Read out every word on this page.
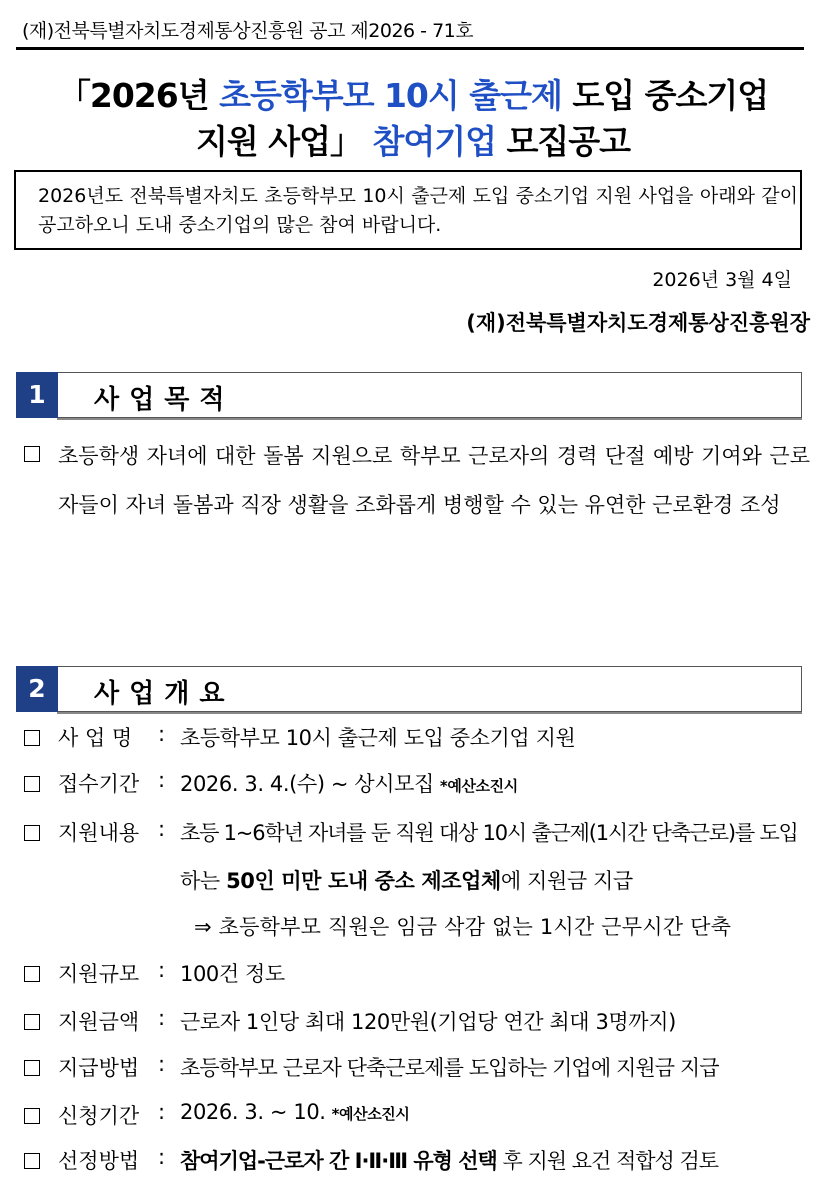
(재)전북특별자치도경제통상진흥원 공고 제2026 - 71호
「2026년 초등학부모 10시 출근제 도입 중소기업
지원 사업」 참여기업 모집공고
2026년도 전북특별자치도 초등학부모 10시 출근제 도입 중소기업 지원 사업을 아래와 같이 공고하오니 도내 중소기업의 많은 참여 바랍니다.
2026년 3월 4일
(재)전북특별자치도경제통상진흥원장
1	사업목적
초등학생 자녀에 대한 돌봄 지원으로 학부모 근로자의 경력 단절 예방 기여와 근로자들이 자녀 돌봄과 직장 생활을 조화롭게 병행할 수 있는 유연한 근로환경 조성
2	사업개요
사 업 명 : 초등학부모 10시 출근제 도입 중소기업 지원
접수기간 : 2026. 3. 4.(수) ~ 상시모집 *예산소진시
지원내용 : 초등 1~6학년 자녀를 둔 직원 대상 10시 출근제(1시간 단축근로)를 도입
하는 50인 미만 도내 중소 제조업체에 지원금 지급
⇒ 초등학부모 직원은 임금 삭감 없는 1시간 근무시간 단축
지원규모 : 100건 정도
지원금액 : 근로자 1인당 최대 120만원(기업당 연간 최대 3명까지)
지급방법 : 초등학부모 근로자 단축근로제를 도입하는 기업에 지원금 지급
신청기간 : 2026. 3. ~ 10. *예산소진시
선정방법 : 참여기업-근로자 간 Ⅰ·Ⅱ·Ⅲ 유형 선택 후 지원 요건 적합성 검토
